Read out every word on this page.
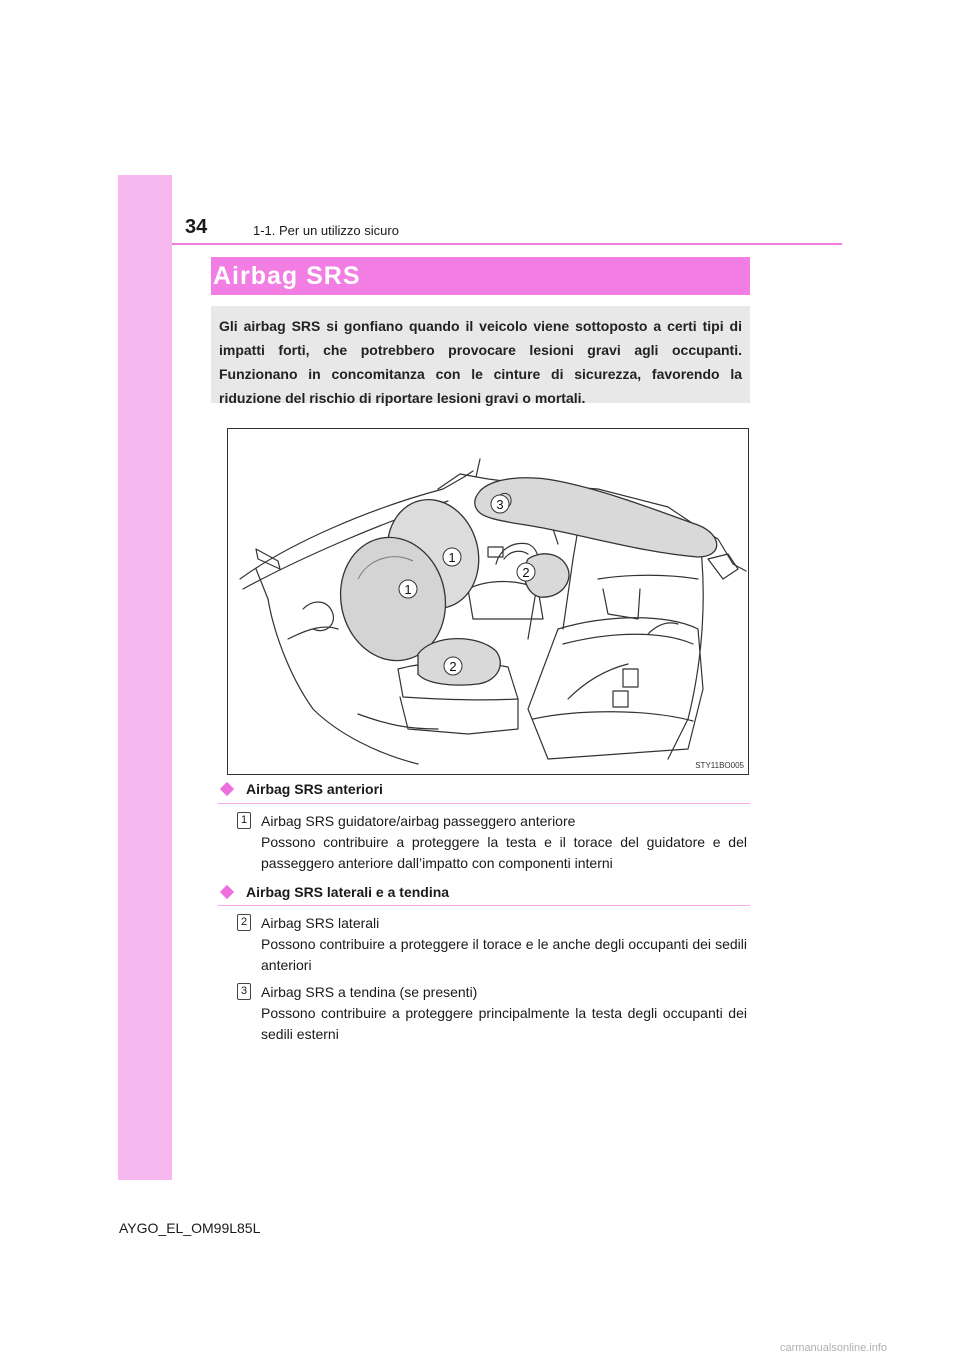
34	1-1. Per un utilizzo sicuro
Airbag SRS
Gli airbag SRS si gonfiano quando il veicolo viene sottoposto a certi tipi di impatti forti, che potrebbero provocare lesioni gravi agli occupanti. Funzionano in concomitanza con le cinture di sicurezza, favorendo la riduzione del rischio di riportare lesioni gravi o mortali.
1
1
2
2
3
STY11BO005
Airbag SRS anteriori
1 Airbag SRS guidatore/airbag passeggero anteriore
Possono contribuire a proteggere la testa e il torace del guidatore e del passeggero anteriore dall’impatto con componenti interni
Airbag SRS laterali e a tendina
2 Airbag SRS laterali
Possono contribuire a proteggere il torace e le anche degli occupanti dei sedili anteriori
3 Airbag SRS a tendina (se presenti)
Possono contribuire a proteggere principalmente la testa degli occupanti dei sedili esterni
AYGO_EL_OM99L85L
carmanualsonline.info
